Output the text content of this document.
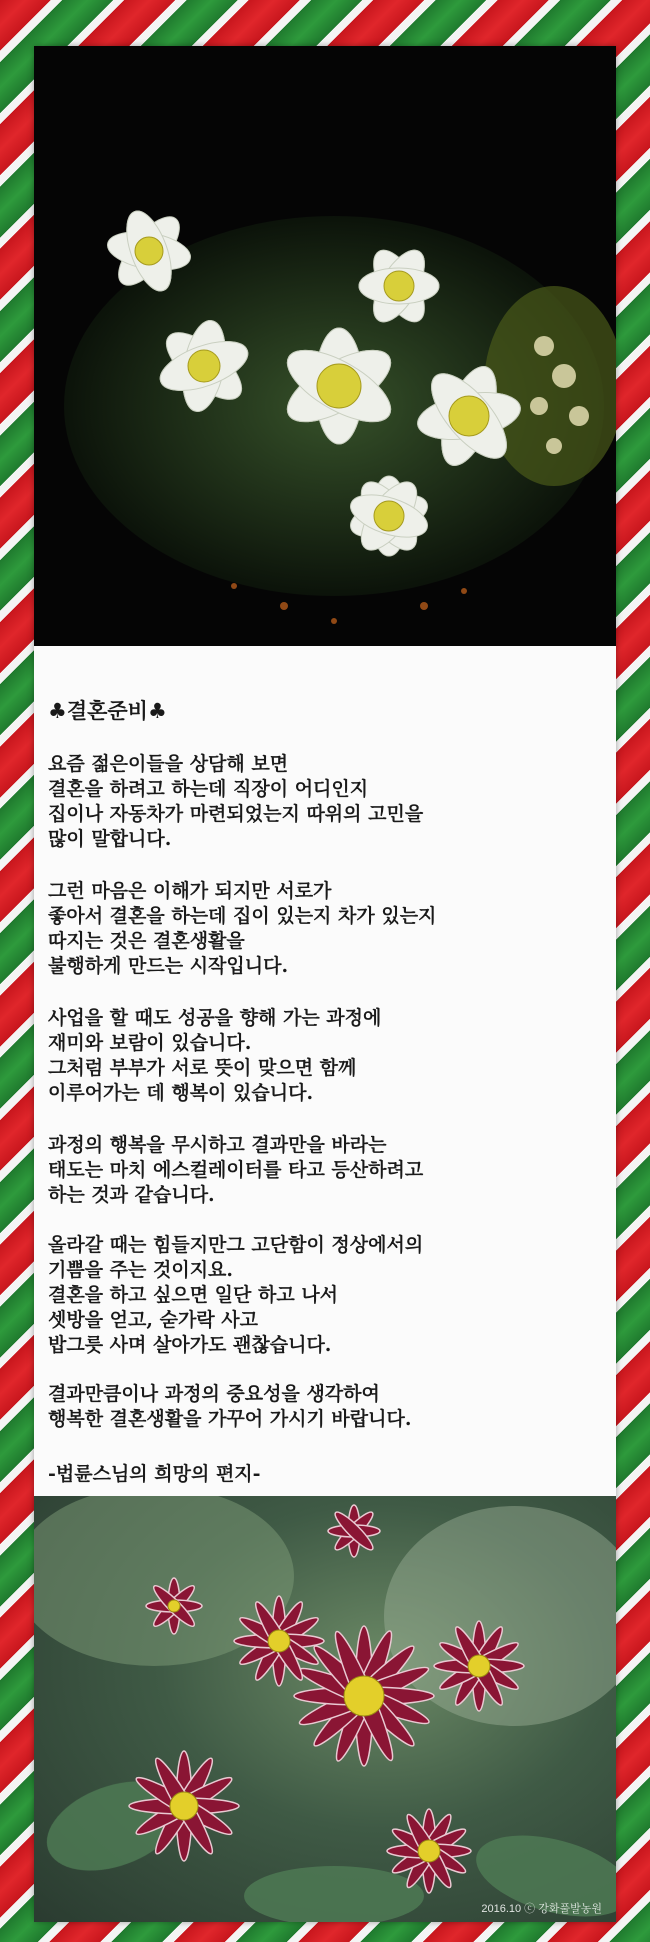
♣결혼준비♣
요즘 젊은이들을 상담해 보면
결혼을 하려고 하는데 직장이 어디인지
집이나 자동차가 마련되었는지 따위의 고민을
많이 말합니다.
그런 마음은 이해가 되지만 서로가
좋아서 결혼을 하는데 집이 있는지 차가 있는지
따지는 것은 결혼생활을
불행하게 만드는 시작입니다.
사업을 할 때도 성공을 향해 가는 과정에
재미와 보람이 있습니다.
그처럼 부부가 서로 뜻이 맞으면 함께
이루어가는 데 행복이 있습니다.
과정의 행복을 무시하고 결과만을 바라는
태도는 마치 에스컬레이터를 타고 등산하려고
하는 것과 같습니다.
올라갈 때는 힘들지만그 고단함이 정상에서의
기쁨을 주는 것이지요.
결혼을 하고 싶으면 일단 하고 나서
셋방을 얻고, 숟가락 사고
밥그릇 사며 살아가도 괜찮습니다.
결과만큼이나 과정의 중요성을 생각하여
행복한 결혼생활을 가꾸어 가시기 바랍니다.
-법륜스님의 희망의 편지-
2016.10 ⓒ 강화풀발농원
